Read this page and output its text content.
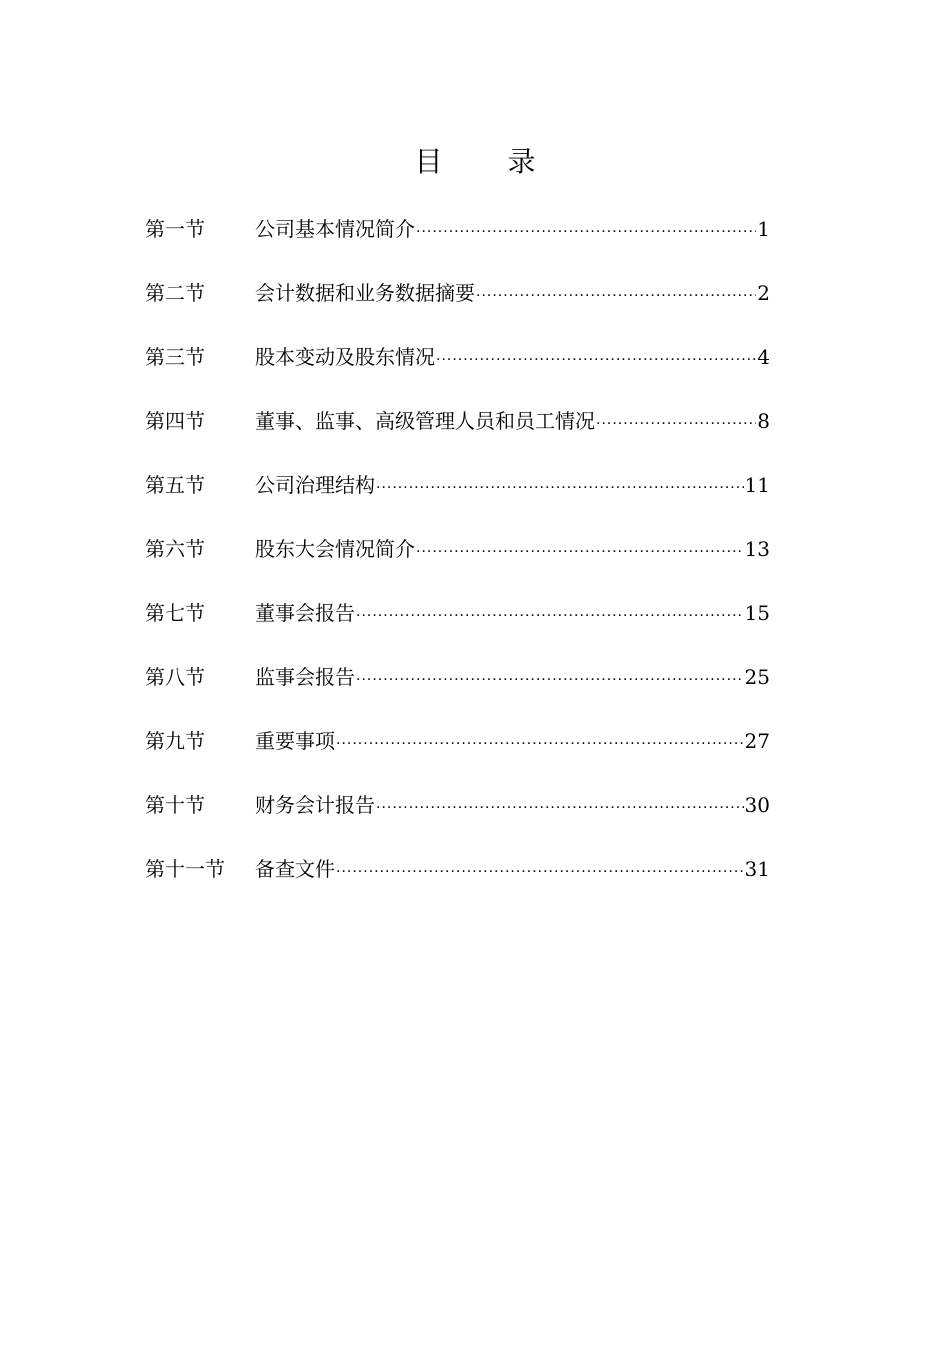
目 录
第一节	公司基本情况简介 ·····	1
第二节	会计数据和业务数据摘要 ·····	2
第三节	股本变动及股东情况 ·····	4
第四节	董事、监事、高级管理人员和员工情况 ·····	8
第五节	公司治理结构 ·····	11
第六节	股东大会情况简介 ·····	13
第七节	董事会报告 ·····	15
第八节	监事会报告 ·····	25
第九节	重要事项 ·····	27
第十节	财务会计报告 ·····	30
第十一节	备查文件 ·····	31
